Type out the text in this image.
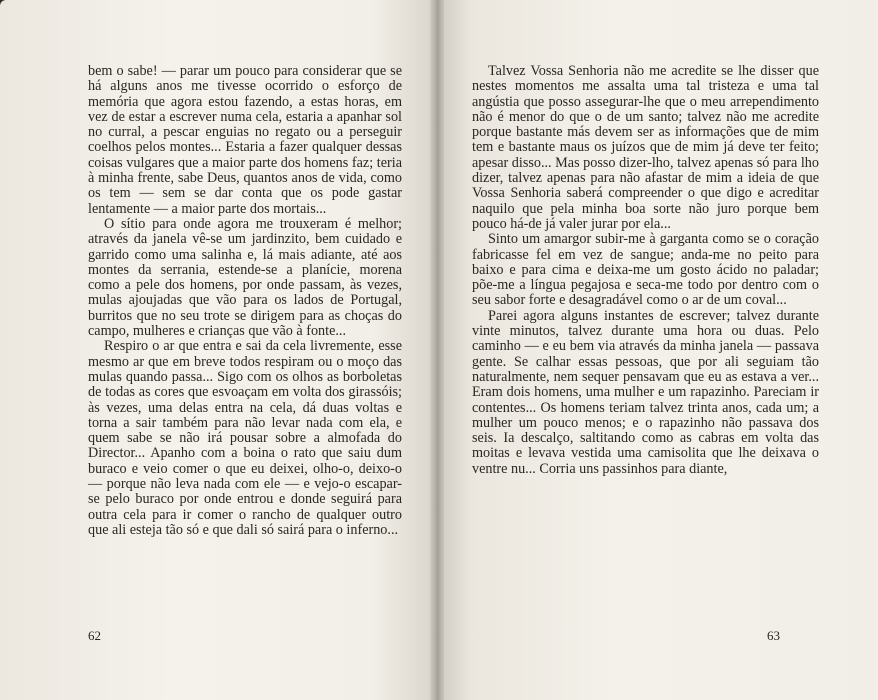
bem o sabe! — parar um pouco para considerar que se há alguns anos me tivesse ocorrido o esforço de memória que agora estou fazendo, a estas horas, em vez de estar a escrever numa cela, estaria a apanhar sol no curral, a pescar enguias no regato ou a perseguir coelhos pelos montes... Estaria a fazer qualquer dessas coisas vulgares que a maior parte dos homens faz; teria à minha frente, sabe Deus, quantos anos de vida, como os tem — sem se dar conta que os pode gastar lentamente — a maior parte dos mortais...

O sítio para onde agora me trouxeram é melhor; através da janela vê-se um jardinzito, bem cuidado e garrido como uma salinha e, lá mais adiante, até aos montes da serrania, estende-se a planície, morena como a pele dos homens, por onde passam, às vezes, mulas ajoujadas que vão para os lados de Portugal, burritos que no seu trote se dirigem para as choças do campo, mulheres e crianças que vão à fonte...

Respiro o ar que entra e sai da cela livremente, esse mesmo ar que em breve todos respiram ou o moço das mulas quando passa... Sigo com os olhos as borboletas de todas as cores que esvoaçam em volta dos girassóis; às vezes, uma delas entra na cela, dá duas voltas e torna a sair também para não levar nada com ela, e quem sabe se não irá pousar sobre a almofada do Director... Apanho com a boina o rato que saiu dum buraco e veio comer o que eu deixei, olho-o, deixo-o — porque não leva nada com ele — e vejo-o escapar-se pelo buraco por onde entrou e donde seguirá para outra cela para ir comer o rancho de qualquer outro que ali esteja tão só e que dali só sairá para o inferno...

62

Talvez Vossa Senhoria não me acredite se lhe disser que nestes momentos me assalta uma tal tristeza e uma tal angústia que posso assegurar-lhe que o meu arrependimento não é menor do que o de um santo; talvez não me acredite porque bastante más devem ser as informações que de mim tem e bastante maus os juízos que de mim já deve ter feito; apesar disso... Mas posso dizer-lho, talvez apenas só para lho dizer, talvez apenas para não afastar de mim a ideia de que Vossa Senhoria saberá compreender o que digo e acreditar naquilo que pela minha boa sorte não juro porque bem pouco há-de já valer jurar por ela...

Sinto um amargor subir-me à garganta como se o coração fabricasse fel em vez de sangue; anda-me no peito para baixo e para cima e deixa-me um gosto ácido no paladar; põe-me a língua pegajosa e seca-me todo por dentro com o seu sabor forte e desagradável como o ar de um coval...

Parei agora alguns instantes de escrever; talvez durante vinte minutos, talvez durante uma hora ou duas. Pelo caminho — e eu bem via através da minha janela — passava gente. Se calhar essas pessoas, que por ali seguiam tão naturalmente, nem sequer pensavam que eu as estava a ver... Eram dois homens, uma mulher e um rapazinho. Pareciam ir contentes... Os homens teriam talvez trinta anos, cada um; a mulher um pouco menos; e o rapazinho não passava dos seis. Ia descalço, saltitando como as cabras em volta das moitas e levava vestida uma camisolita que lhe deixava o ventre nu... Corria uns passinhos para diante,

63
